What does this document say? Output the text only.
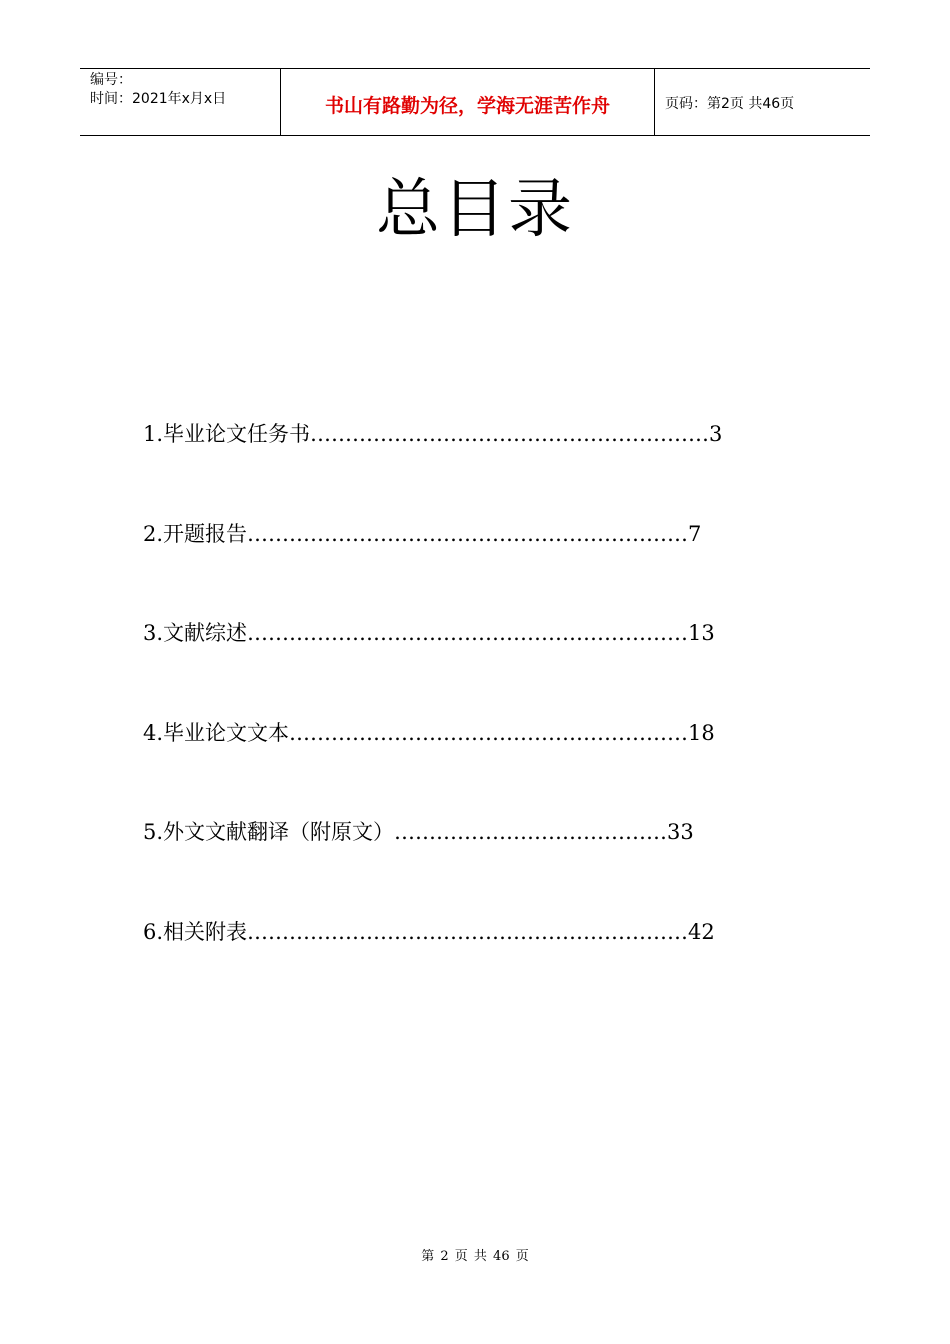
编号：
时间：2021年x月x日	书山有路勤为径，学海无涯苦作舟	页码：第2页 共46页
总目录
1.毕业论文任务书…………………………………………………3
2.开题报告………………………………………………………7
3.文献综述………………………………………………………13
4.毕业论文文本…………………………………………………18
5.外文文献翻译（附原文）…………………………………33
6.相关附表………………………………………………………42
第 2 页 共 46 页
